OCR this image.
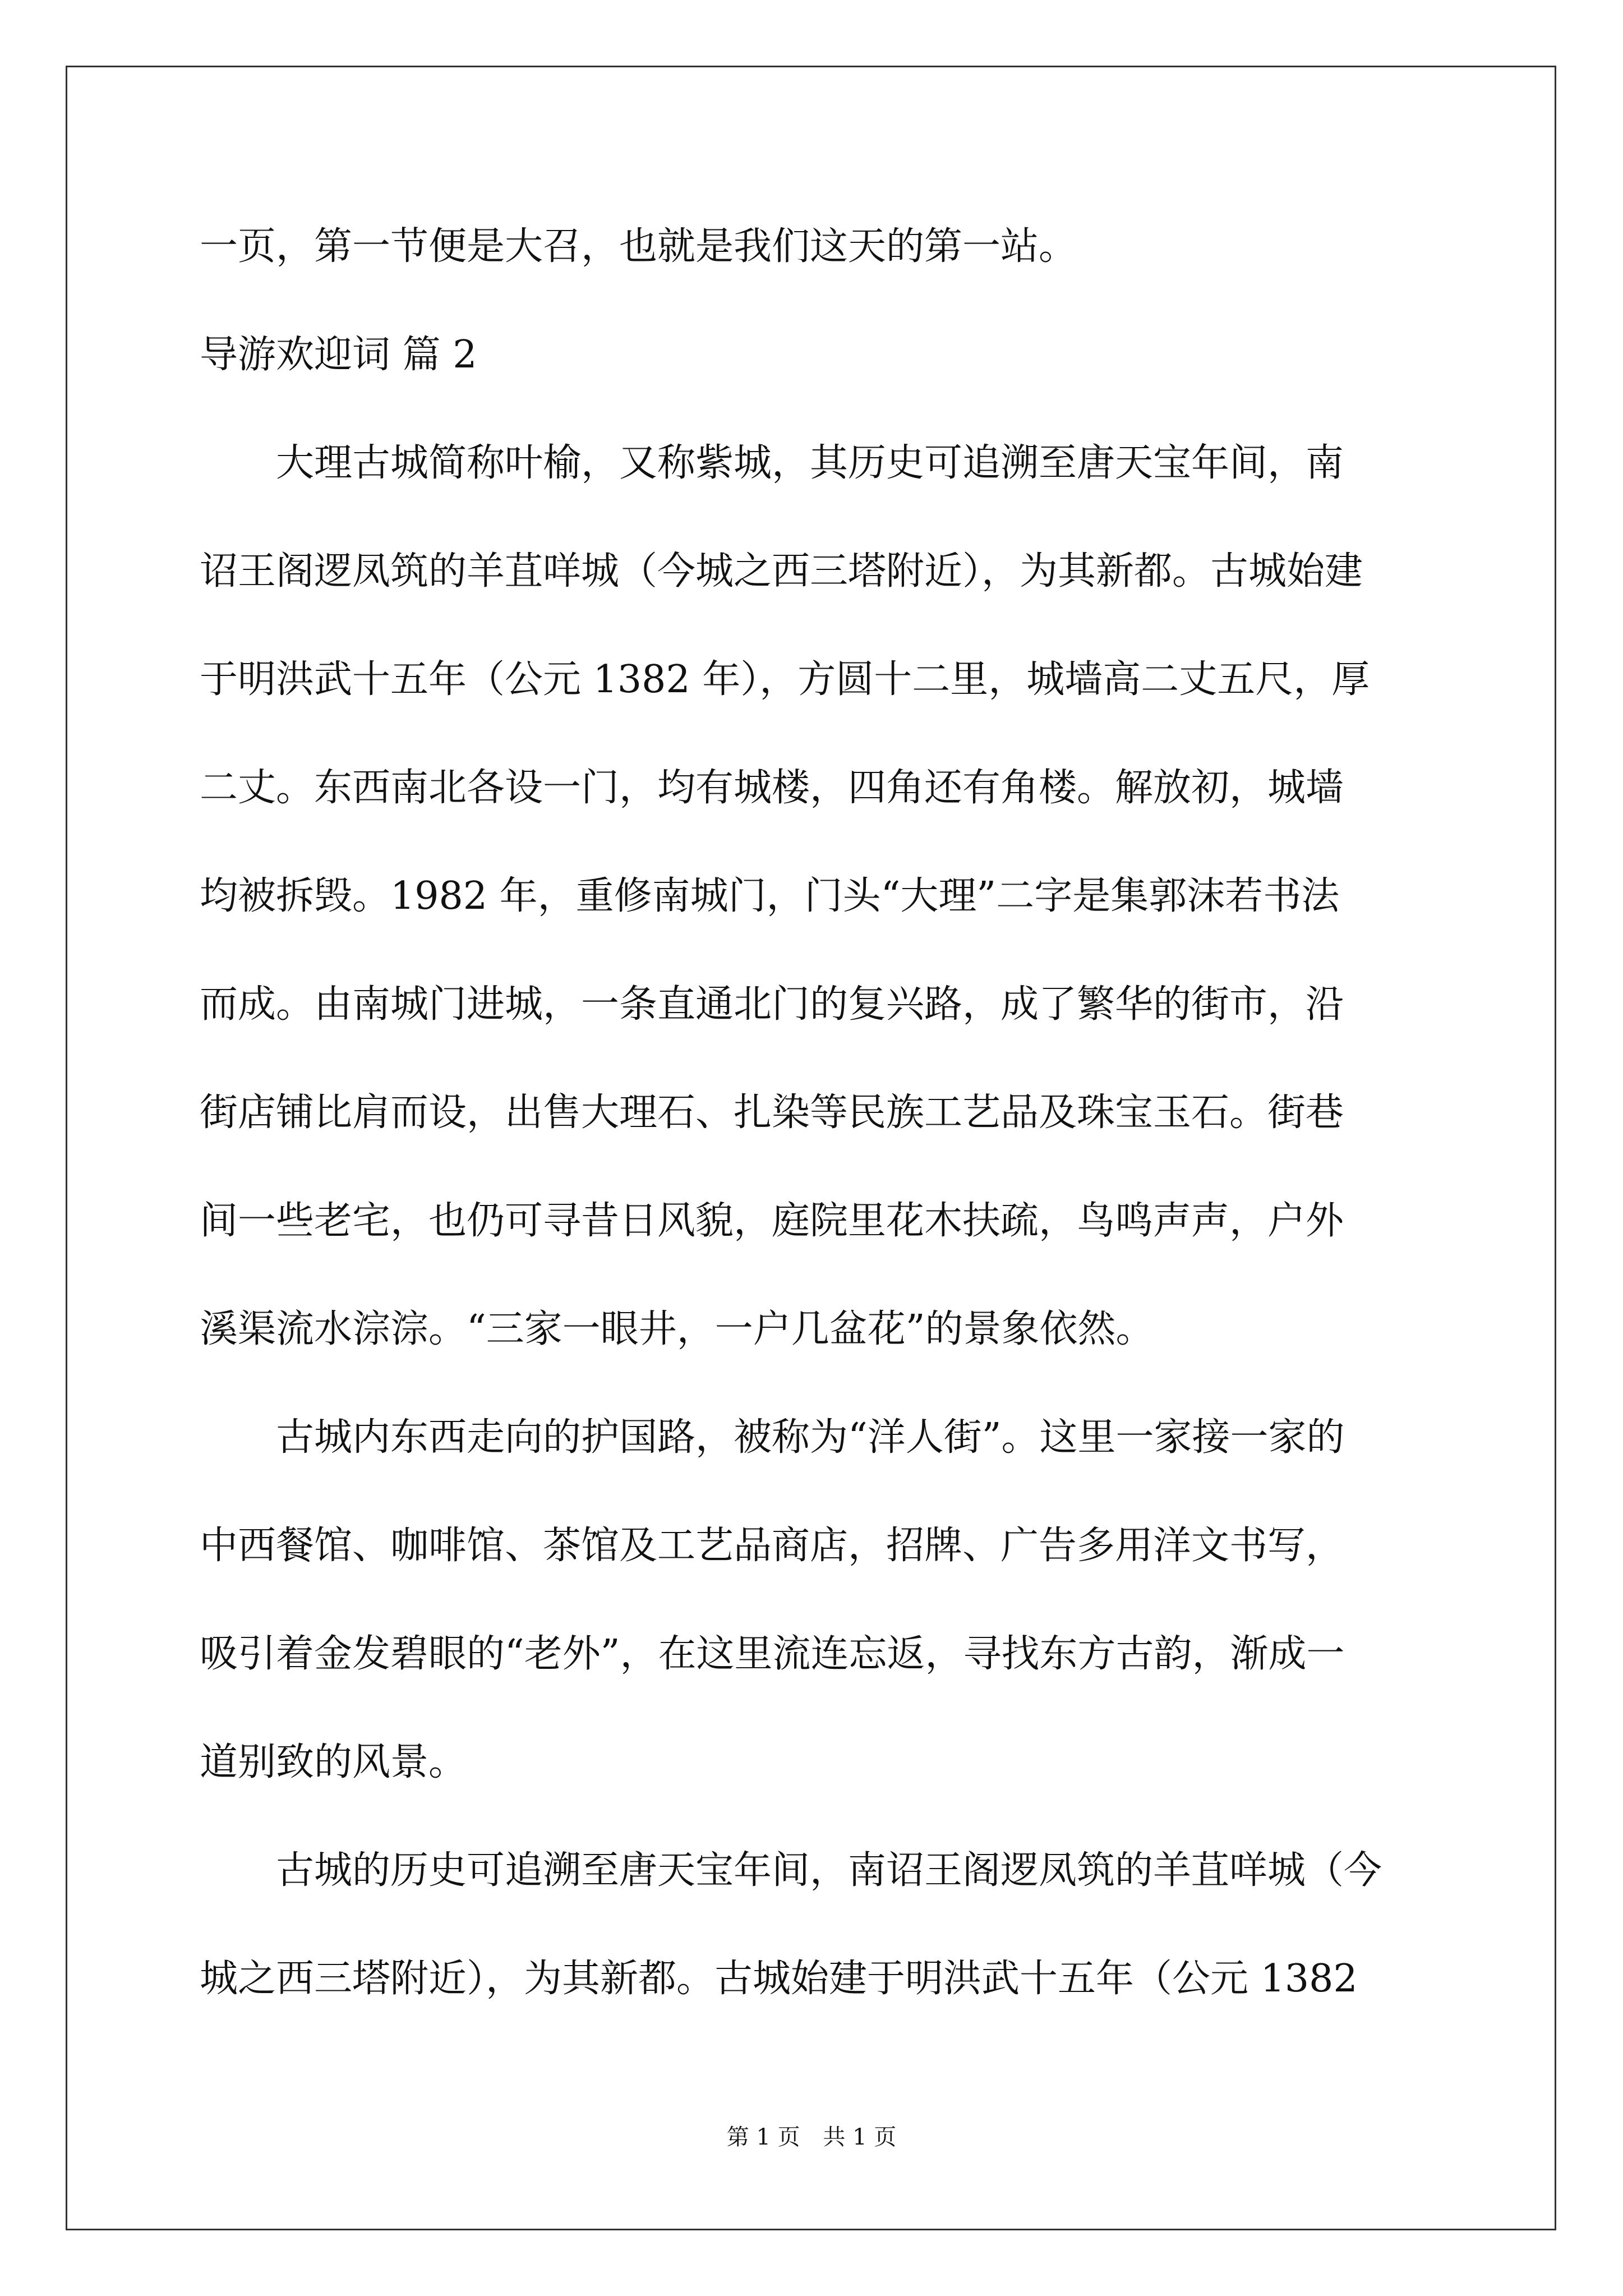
一页，第一节便是大召，也就是我们这天的第一站。
导游欢迎词 篇 2
　　大理古城简称叶榆，又称紫城，其历史可追溯至唐天宝年间，南
诏王阁逻凤筑的羊苴咩城（今城之西三塔附近），为其新都。古城始建
于明洪武十五年（公元 1382 年），方圆十二里，城墙高二丈五尺，厚
二丈。东西南北各设一门，均有城楼，四角还有角楼。解放初，城墙
均被拆毁。1982 年，重修南城门，门头“大理”二字是集郭沫若书法
而成。由南城门进城，一条直通北门的复兴路，成了繁华的街市，沿
街店铺比肩而设，出售大理石、扎染等民族工艺品及珠宝玉石。街巷
间一些老宅，也仍可寻昔日风貌，庭院里花木扶疏，鸟鸣声声，户外
溪渠流水淙淙。“三家一眼井，一户几盆花”的景象依然。
　　古城内东西走向的护国路，被称为“洋人街”。这里一家接一家的
中西餐馆、咖啡馆、茶馆及工艺品商店，招牌、广告多用洋文书写，
吸引着金发碧眼的“老外”，在这里流连忘返，寻找东方古韵，渐成一
道别致的风景。
　　古城的历史可追溯至唐天宝年间，南诏王阁逻凤筑的羊苴咩城（今
城之西三塔附近），为其新都。古城始建于明洪武十五年（公元 1382
第 1 页 共 1 页
